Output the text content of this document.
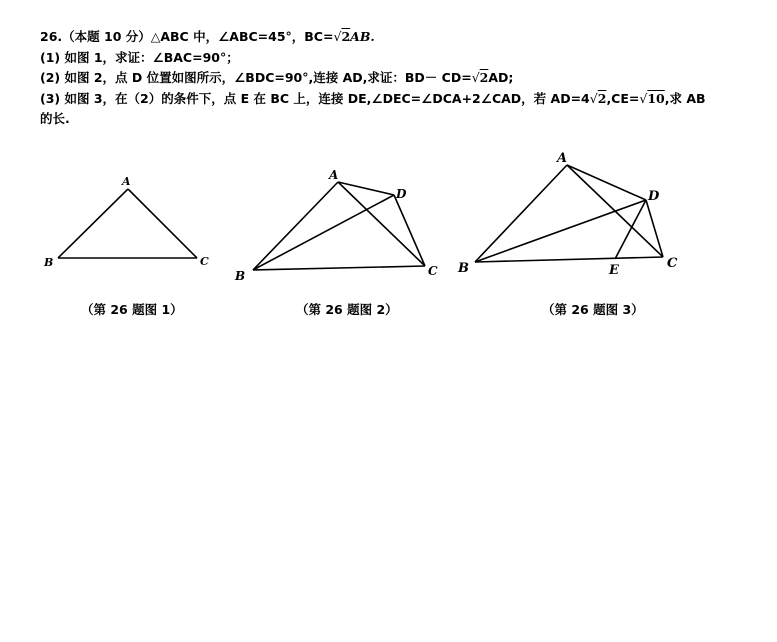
26.（本题 10 分）△ABC 中，∠ABC=45°，BC=√2AB.
(1) 如图 1，求证：∠BAC=90°；
(2) 如图 2，点 D 位置如图所示，∠BDC=90°,连接 AD,求证：BD－ CD=√2AD;
(3) 如图 3，在（2）的条件下，点 E 在 BC 上，连接 DE,∠DEC=∠DCA+2∠CAD，若 AD=4√2,CE=√10,求 AB
的长.
A
B	C
A
D
B	C
A
D
B	E	C
（第 26 题图 1）	（第 26 题图 2）	（第 26 题图 3）
